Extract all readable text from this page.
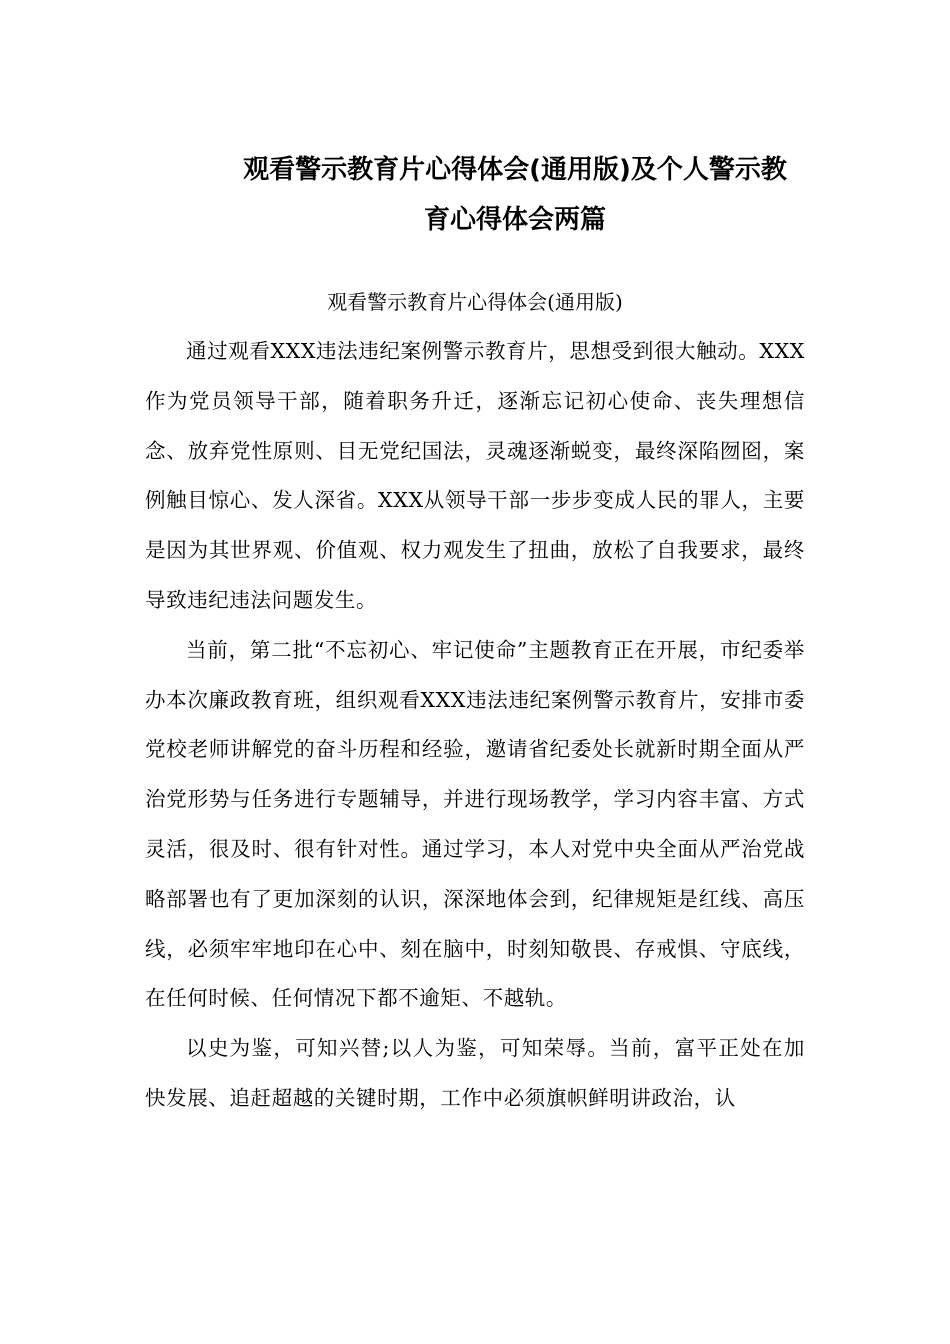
观看警示教育片心得体会(通用版)及个人警示教
育心得体会两篇
观看警示教育片心得体会(通用版)

通过观看XXX违法违纪案例警示教育片，思想受到很大触动。XXX作为党员领导干部，随着职务升迁，逐渐忘记初心使命、丧失理想信念、放弃党性原则、目无党纪国法，灵魂逐渐蜕变，最终深陷囫囵，案例触目惊心、发人深省。XXX从领导干部一步步变成人民的罪人，主要是因为其世界观、价值观、权力观发生了扭曲，放松了自我要求，最终导致违纪违法问题发生。

当前，第二批“不忘初心、牢记使命”主题教育正在开展，市纪委举办本次廉政教育班，组织观看XXX违法违纪案例警示教育片，安排市委党校老师讲解党的奋斗历程和经验，邀请省纪委处长就新时期全面从严治党形势与任务进行专题辅导，并进行现场教学，学习内容丰富、方式灵活，很及时、很有针对性。通过学习，本人对党中央全面从严治党战略部署也有了更加深刻的认识，深深地体会到，纪律规矩是红线、高压线，必须牢牢地印在心中、刻在脑中，时刻知敬畏、存戒惧、守底线，在任何时候、任何情况下都不逾矩、不越轨。

以史为鉴，可知兴替;以人为鉴，可知荣辱。当前，富平正处在加快发展、追赶超越的关键时期，工作中必须旗帜鲜明讲政治，认
